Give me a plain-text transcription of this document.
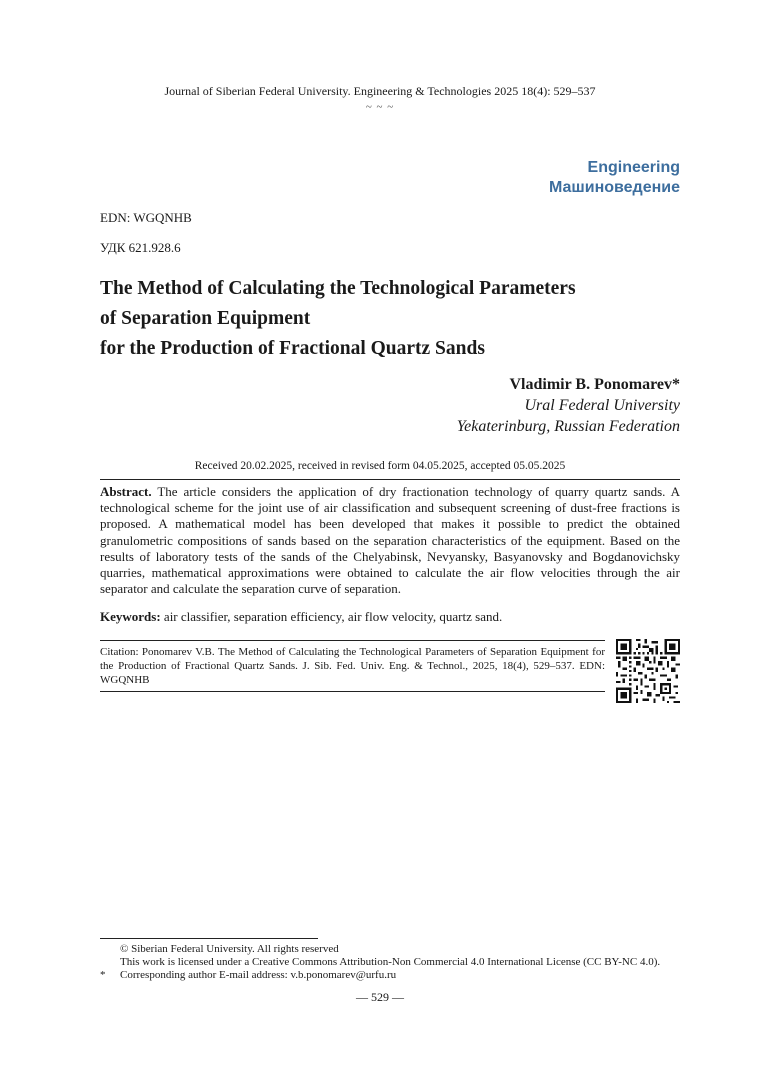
Journal of Siberian Federal University. Engineering & Technologies 2025 18(4): 529–537
~ ~ ~
Engineering
Машиноведение
EDN: WGQNHB
УДК 621.928.6
The Method of Calculating the Technological Parameters
of Separation Equipment
for the Production of Fractional Quartz Sands
Vladimir B. Ponomarev*
Ural Federal University
Yekaterinburg, Russian Federation
Received 20.02.2025, received in revised form 04.05.2025, accepted 05.05.2025
Abstract. The article considers the application of dry fractionation technology of quarry quartz sands. A technological scheme for the joint use of air classification and subsequent screening of dust-free fractions is proposed. A mathematical model has been developed that makes it possible to predict the obtained granulometric compositions of sands based on the separation characteristics of the equipment. Based on the results of laboratory tests of the sands of the Chelyabinsk, Nevyansky, Basyanovsky and Bogdanovichsky quarries, mathematical approximations were obtained to calculate the air flow velocities through the air separator and calculate the separation curve of separation.
Keywords: air classifier, separation efficiency, air flow velocity, quartz sand.
Citation: Ponomarev V.B. The Method of Calculating the Technological Parameters of Separation Equipment for the Production of Fractional Quartz Sands. J. Sib. Fed. Univ. Eng. & Technol., 2025, 18(4), 529–537. EDN: WGQNHB
© Siberian Federal University. All rights reserved
This work is licensed under a Creative Commons Attribution-Non Commercial 4.0 International License (CC BY-NC 4.0).
* Corresponding author E-mail address: v.b.ponomarev@urfu.ru
— 529 —
